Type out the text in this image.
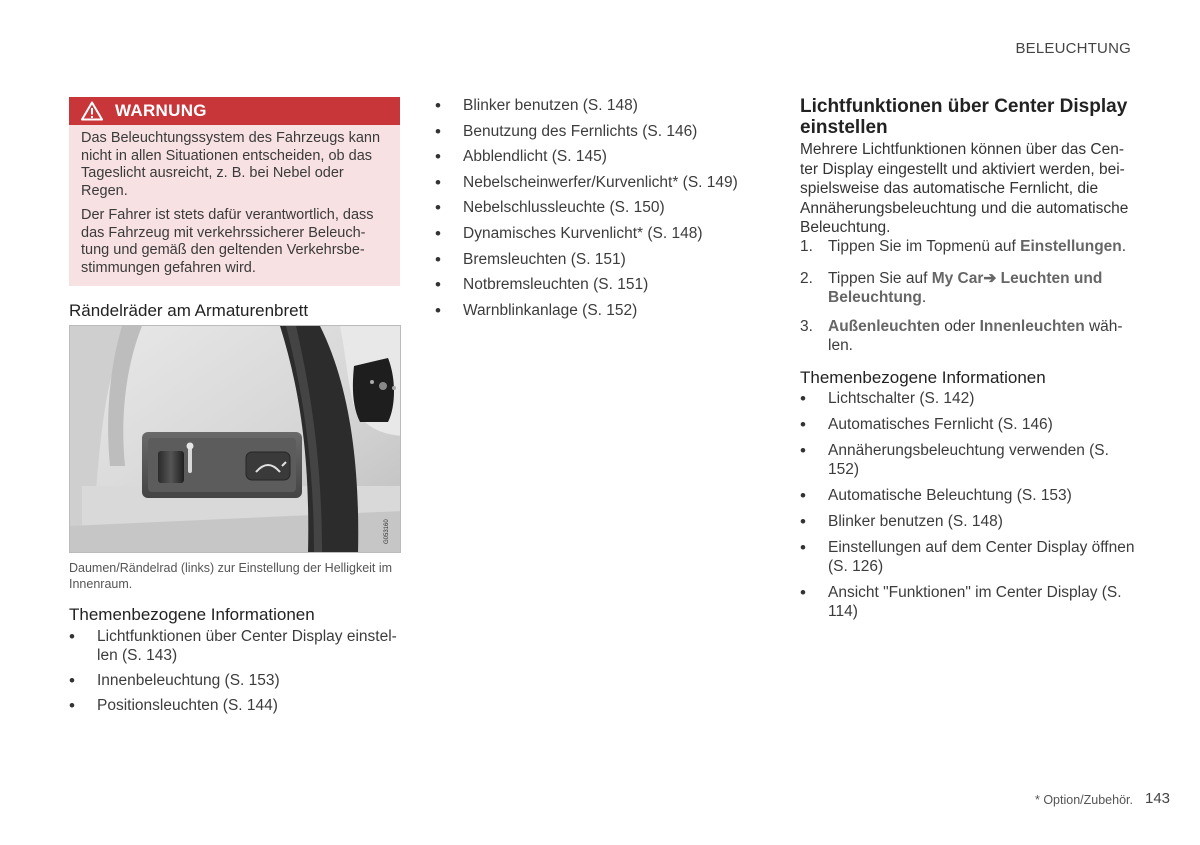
BELEUCHTUNG
WARNUNG

Das Beleuchtungssystem des Fahrzeugs kann nicht in allen Situationen entscheiden, ob das Tageslicht ausreicht, z. B. bei Nebel oder Regen.

Der Fahrer ist stets dafür verantwortlich, dass das Fahrzeug mit verkehrssicherer Beleuch-tung und gemäß den geltenden Verkehrsbe-stimmungen gefahren wird.

Rändelräder am Armaturenbrett
G053160
Daumen/Rändelrad (links) zur Einstellung der Helligkeit im Innenraum.
Themenbezogene Informationen
• Lichtfunktionen über Center Display einstel-len (S. 143)
• Innenbeleuchtung (S. 153)
• Positionsleuchten (S. 144)
• Blinker benutzen (S. 148)
• Benutzung des Fernlichts (S. 146)
• Abblendlicht (S. 145)
• Nebelscheinwerfer/Kurvenlicht* (S. 149)
• Nebelschlussleuchte (S. 150)
• Dynamisches Kurvenlicht* (S. 148)
• Bremsleuchten (S. 151)
• Notbremsleuchten (S. 151)
• Warnblinkanlage (S. 152)
Lichtfunktionen über Center Display einstellen
Mehrere Lichtfunktionen können über das Cen-ter Display eingestellt und aktiviert werden, bei-spielsweise das automatische Fernlicht, die Annäherungsbeleuchtung und die automatische Beleuchtung.
1. Tippen Sie im Topmenü auf Einstellungen.
2. Tippen Sie auf My Car➔ Leuchten und Beleuchtung.
3. Außenleuchten oder Innenleuchten wäh-len.
Themenbezogene Informationen
• Lichtschalter (S. 142)
• Automatisches Fernlicht (S. 146)
• Annäherungsbeleuchtung verwenden (S. 152)
• Automatische Beleuchtung (S. 153)
• Blinker benutzen (S. 148)
• Einstellungen auf dem Center Display öffnen (S. 126)
• Ansicht "Funktionen" im Center Display (S. 114)
* Option/Zubehör. 143
